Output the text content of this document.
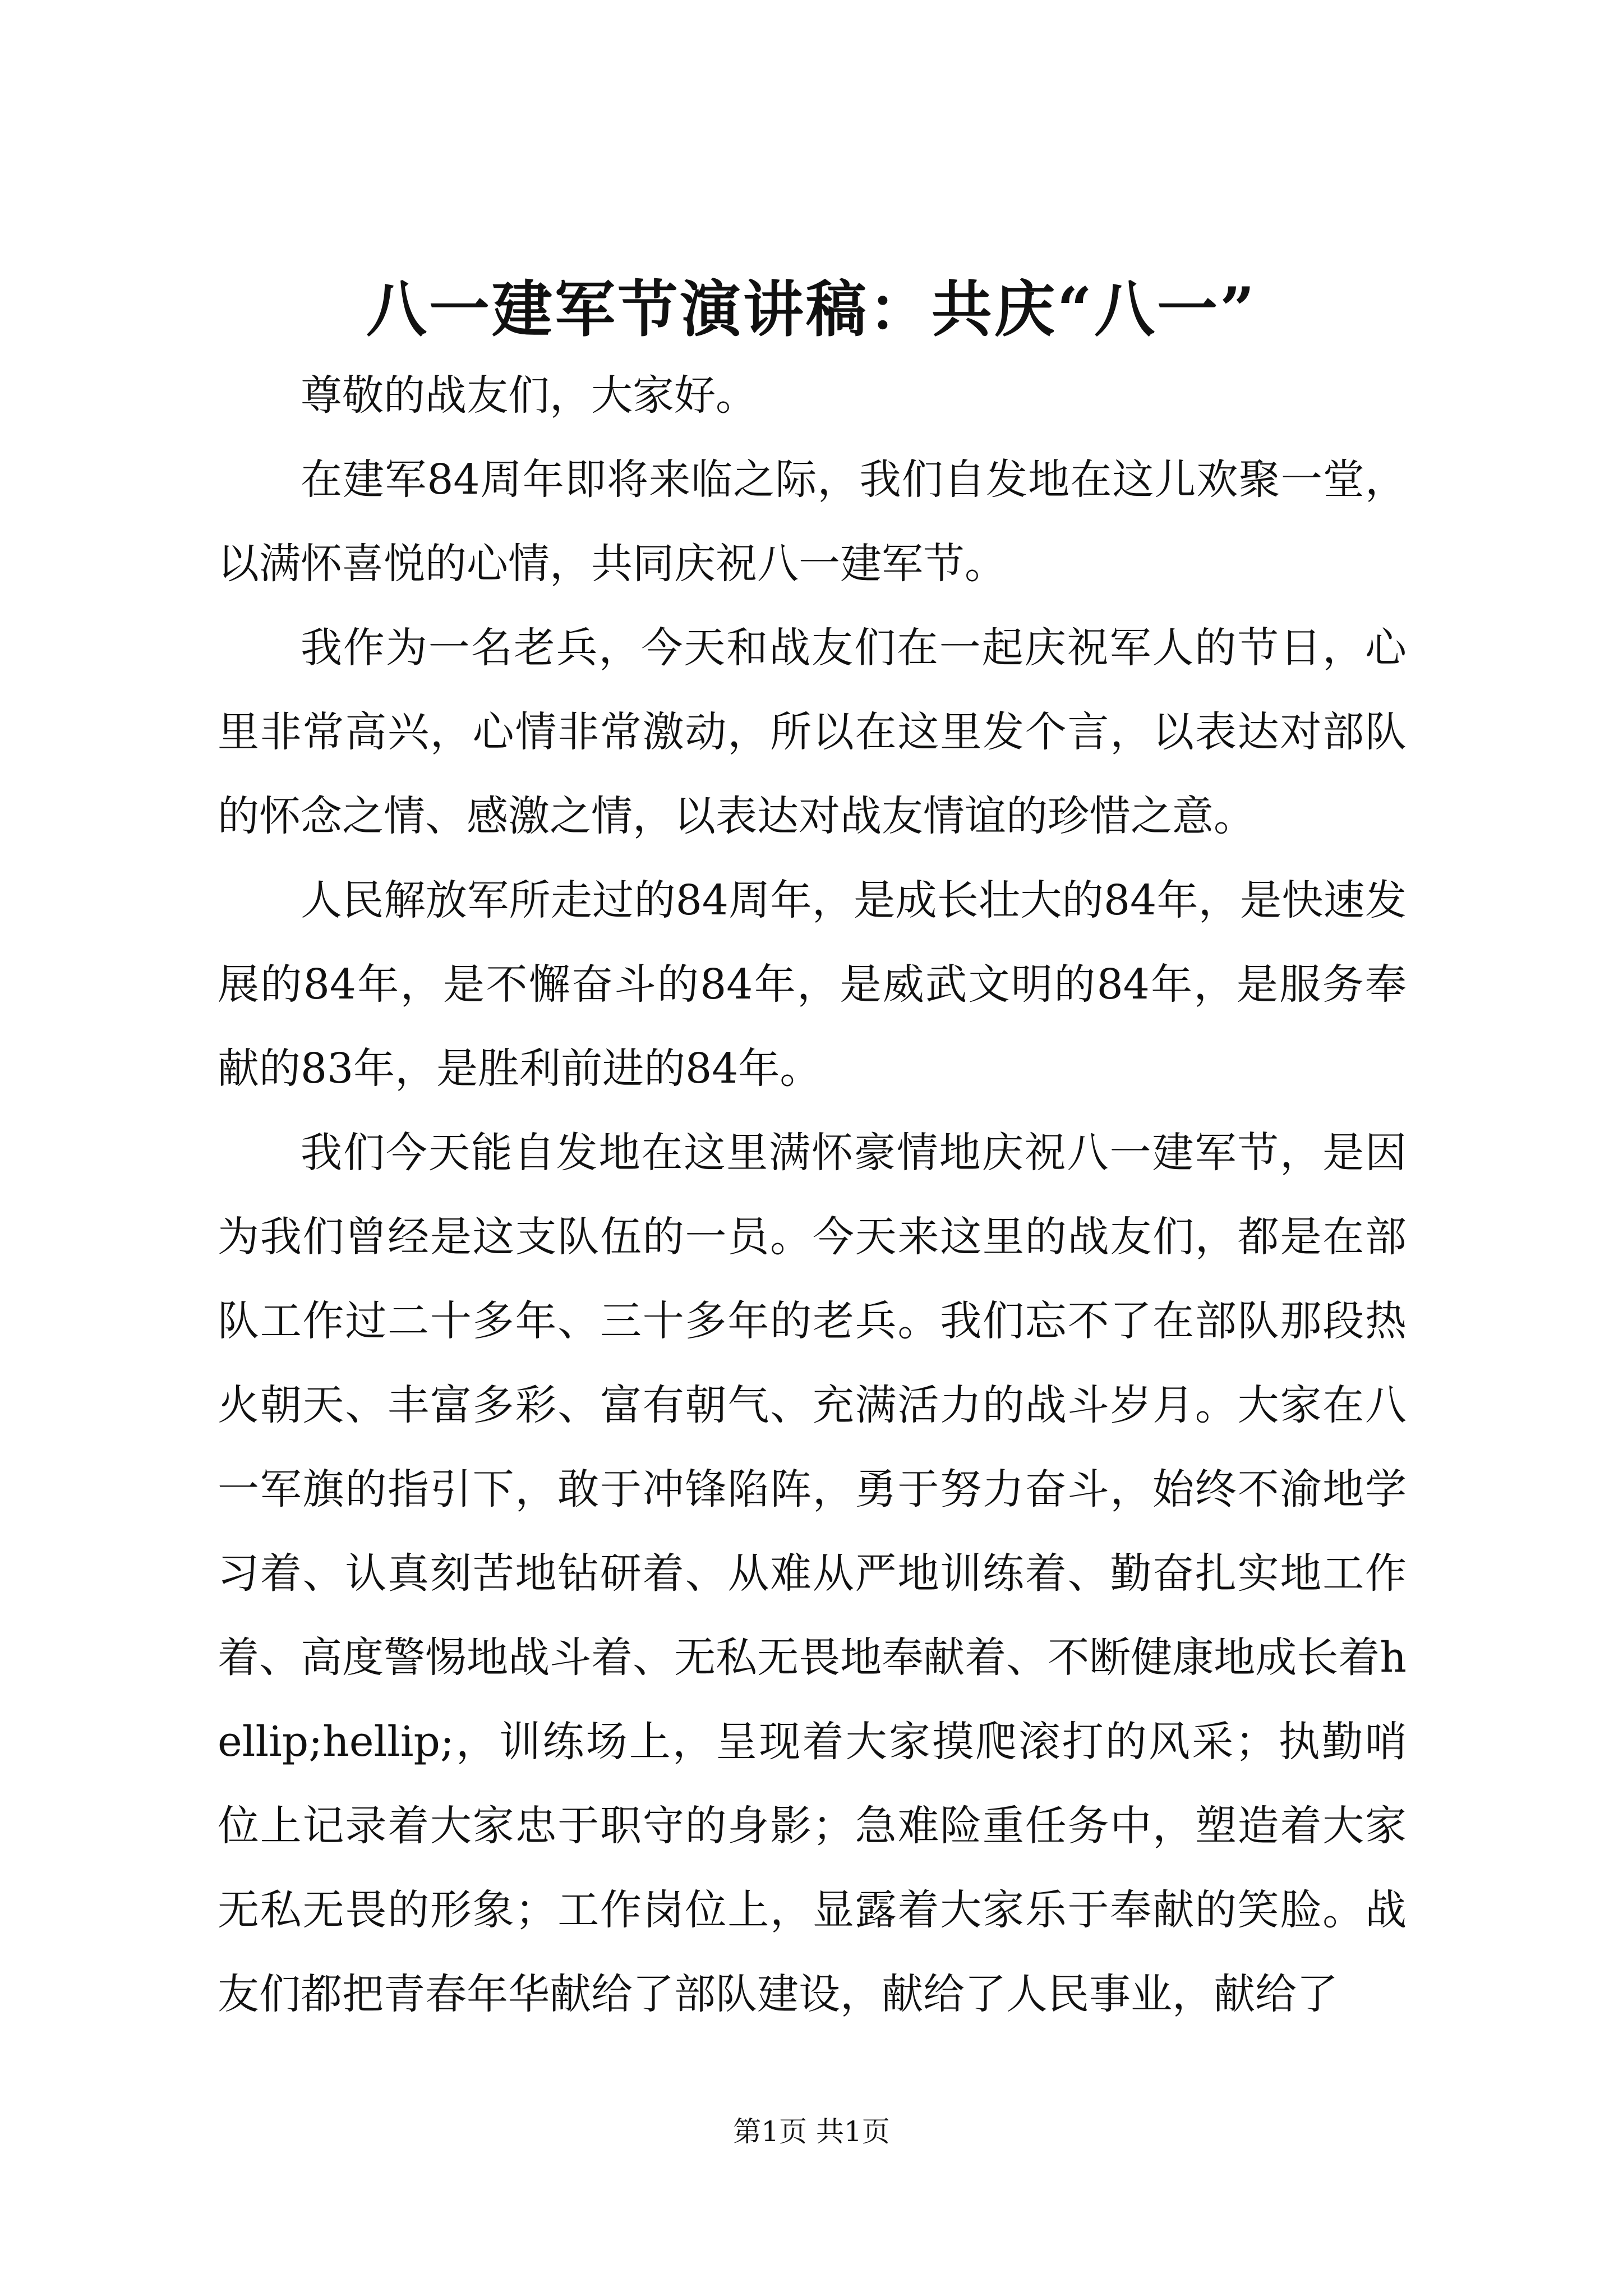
八一建军节演讲稿：共庆“八一”

尊敬的战友们，大家好。

在建军84周年即将来临之际，我们自发地在这儿欢聚一堂，以满怀喜悦的心情，共同庆祝八一建军节。

我作为一名老兵，今天和战友们在一起庆祝军人的节日，心里非常高兴，心情非常激动，所以在这里发个言，以表达对部队的怀念之情、感激之情，以表达对战友情谊的珍惜之意。

人民解放军所走过的84周年，是成长壮大的84年，是快速发展的84年，是不懈奋斗的84年，是威武文明的84年，是服务奉献的83年，是胜利前进的84年。

我们今天能自发地在这里满怀豪情地庆祝八一建军节，是因为我们曾经是这支队伍的一员。今天来这里的战友们，都是在部队工作过二十多年、三十多年的老兵。我们忘不了在部队那段热火朝天、丰富多彩、富有朝气、充满活力的战斗岁月。大家在八一军旗的指引下，敢于冲锋陷阵，勇于努力奋斗，始终不渝地学习着、认真刻苦地钻研着、从难从严地训练着、勤奋扎实地工作着、高度警惕地战斗着、无私无畏地奉献着、不断健康地成长着hellip;hellip;，训练场上，呈现着大家摸爬滚打的风采；执勤哨位上记录着大家忠于职守的身影；急难险重任务中，塑造着大家无私无畏的形象；工作岗位上，显露着大家乐于奉献的笑脸。战友们都把青春年华献给了部队建设，献给了人民事业，献给了

第1页 共1页
